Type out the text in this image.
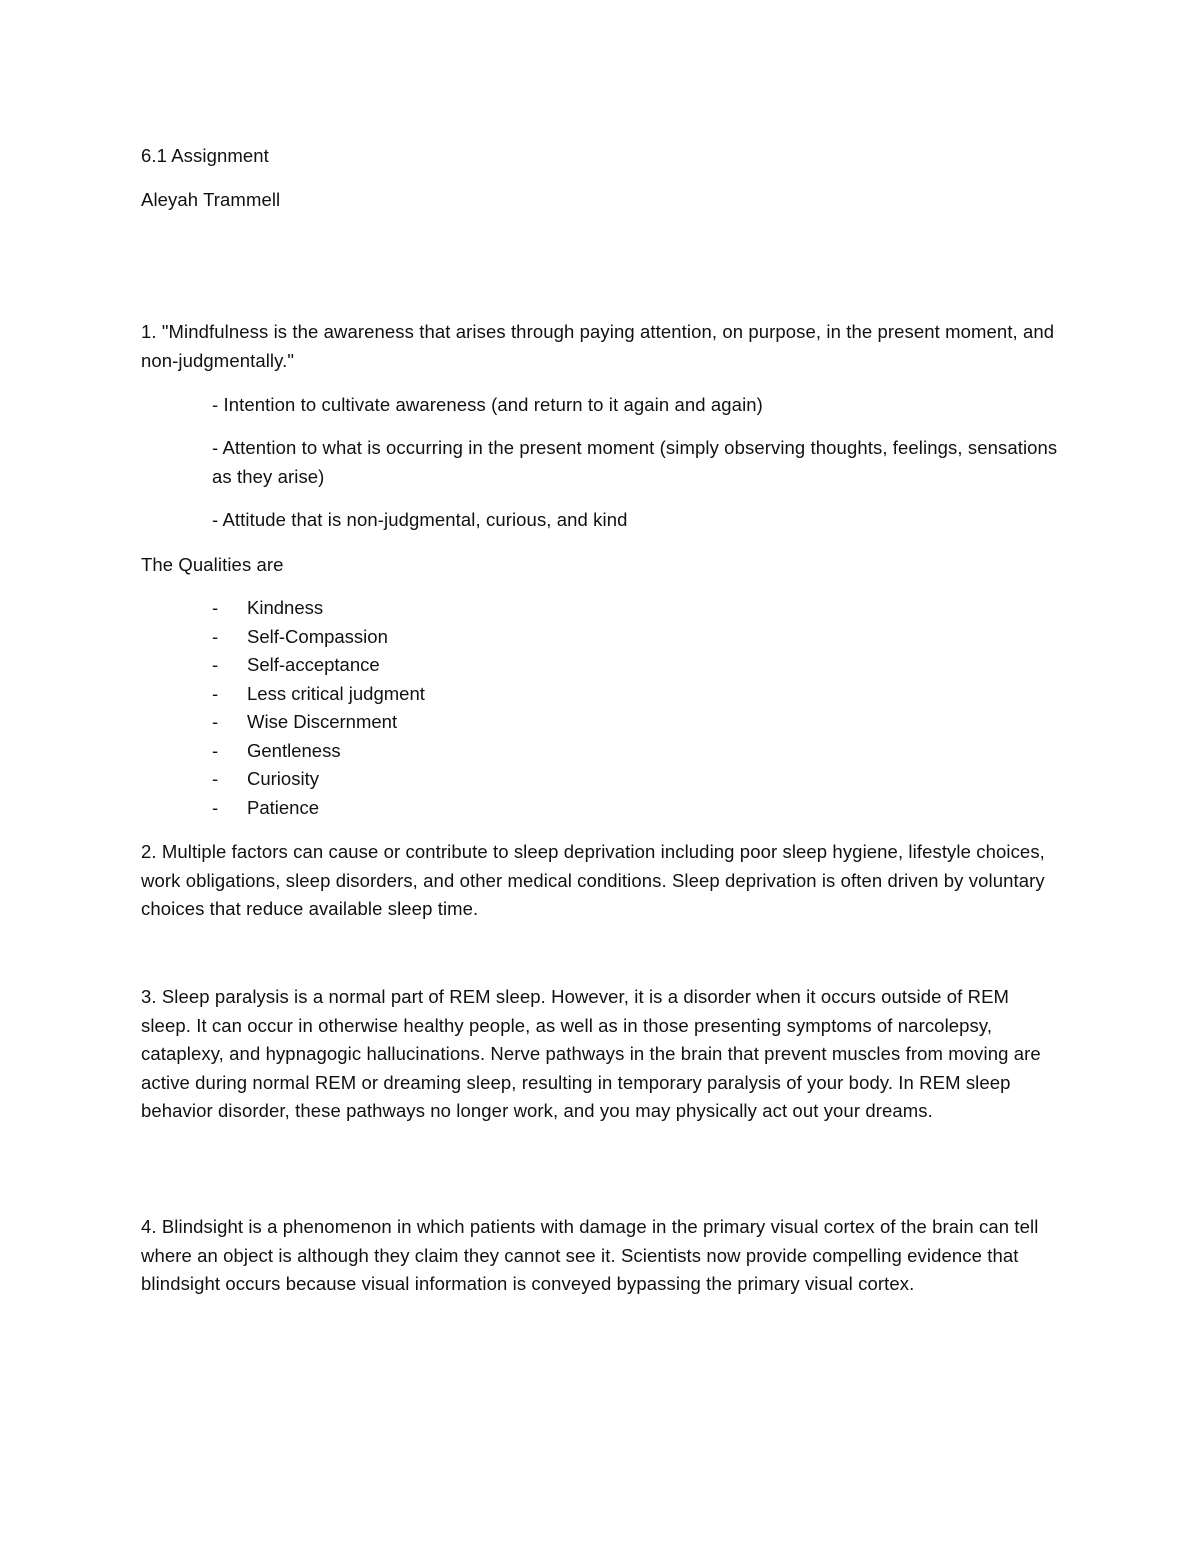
6.1 Assignment
Aleyah Trammell
1. "Mindfulness is the awareness that arises through paying attention, on purpose, in the present moment, and non-judgmentally."
- Intention to cultivate awareness (and return to it again and again)
- Attention to what is occurring in the present moment (simply observing thoughts, feelings, sensations as they arise)
- Attitude that is non-judgmental, curious, and kind
The Qualities are
- Kindness
- Self-Compassion
- Self-acceptance
- Less critical judgment
- Wise Discernment
- Gentleness
- Curiosity
- Patience
2. Multiple factors can cause or contribute to sleep deprivation including poor sleep hygiene, lifestyle choices, work obligations, sleep disorders, and other medical conditions. Sleep deprivation is often driven by voluntary choices that reduce available sleep time.
3. Sleep paralysis is a normal part of REM sleep. However, it is a disorder when it occurs outside of REM sleep. It can occur in otherwise healthy people, as well as in those presenting symptoms of narcolepsy, cataplexy, and hypnagogic hallucinations. Nerve pathways in the brain that prevent muscles from moving are active during normal REM or dreaming sleep, resulting in temporary paralysis of your body. In REM sleep behavior disorder, these pathways no longer work, and you may physically act out your dreams.
4. Blindsight is a phenomenon in which patients with damage in the primary visual cortex of the brain can tell where an object is although they claim they cannot see it. Scientists now provide compelling evidence that blindsight occurs because visual information is conveyed bypassing the primary visual cortex.
